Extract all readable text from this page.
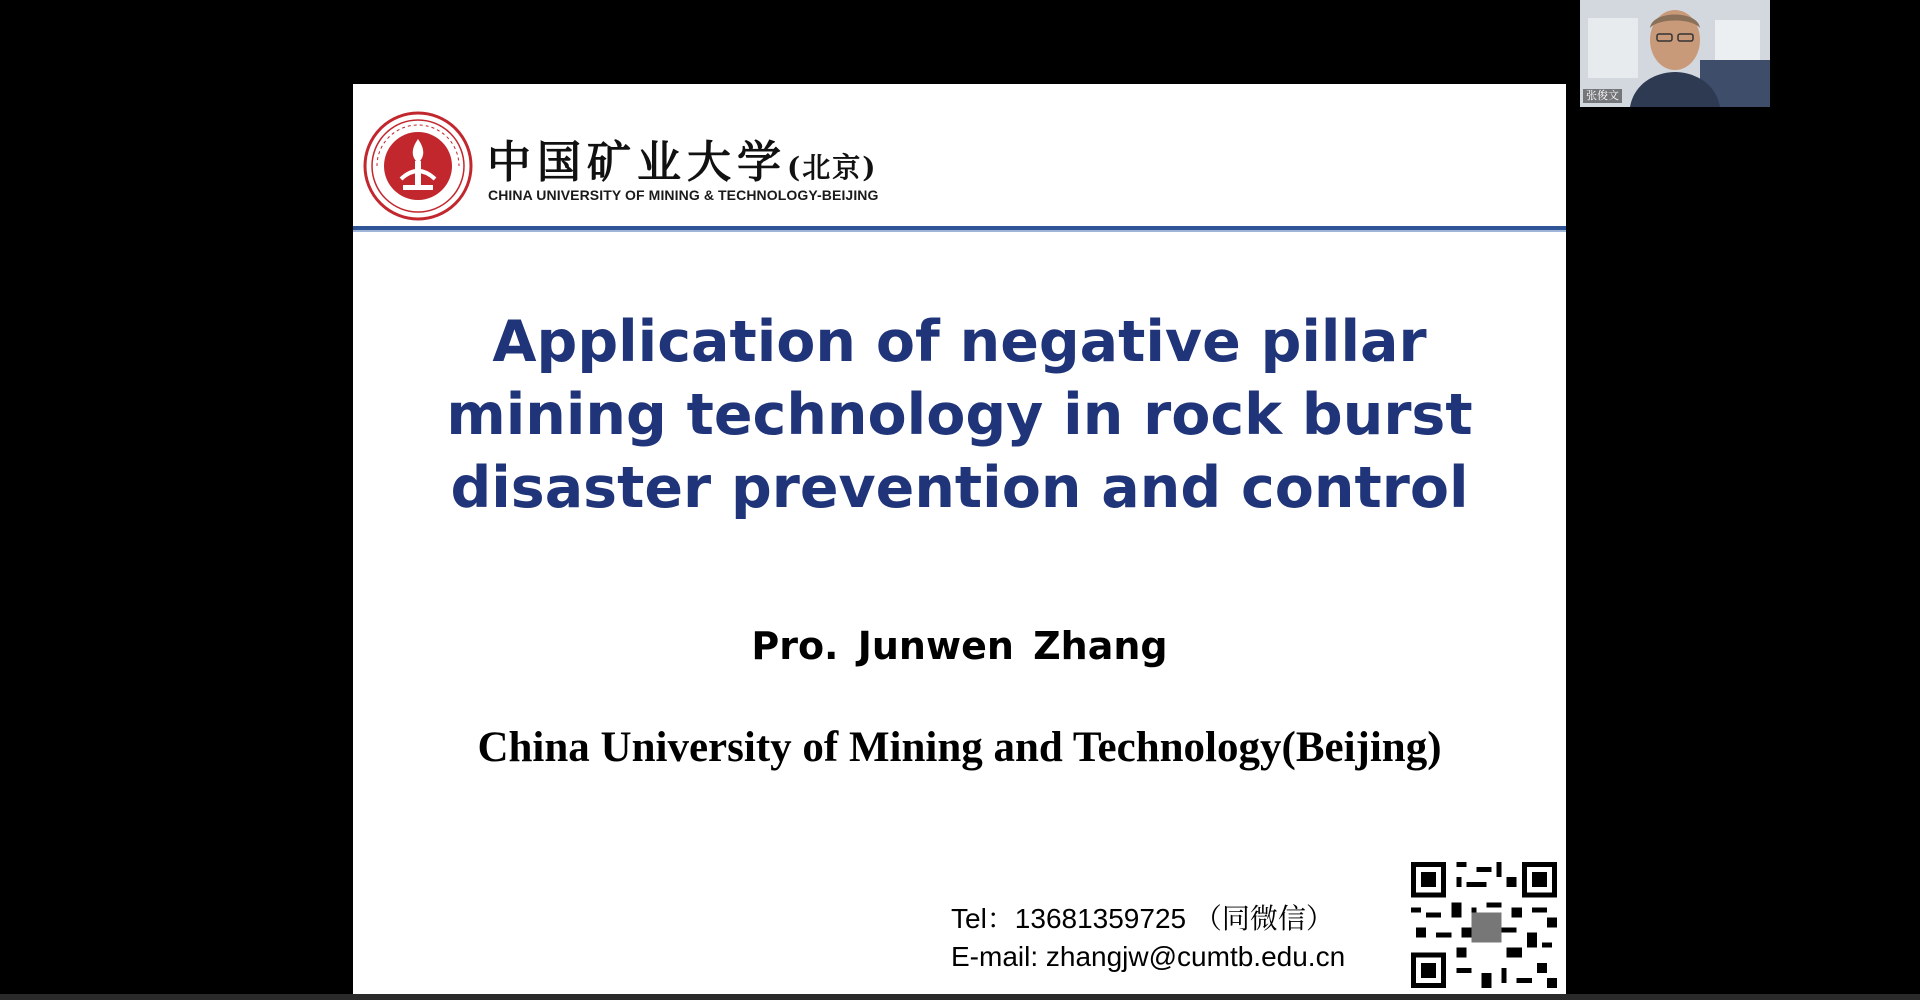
中国矿业大学(北京)
CHINA UNIVERSITY OF MINING & TECHNOLOGY-BEIJING
Application of negative pillar mining technology in rock burst disaster prevention and control
Pro. Junwen Zhang
China University of Mining and Technology(Beijing)
Tel：13681359725 （同微信）
E-mail: zhangjw@cumtb.edu.cn
张俊文
